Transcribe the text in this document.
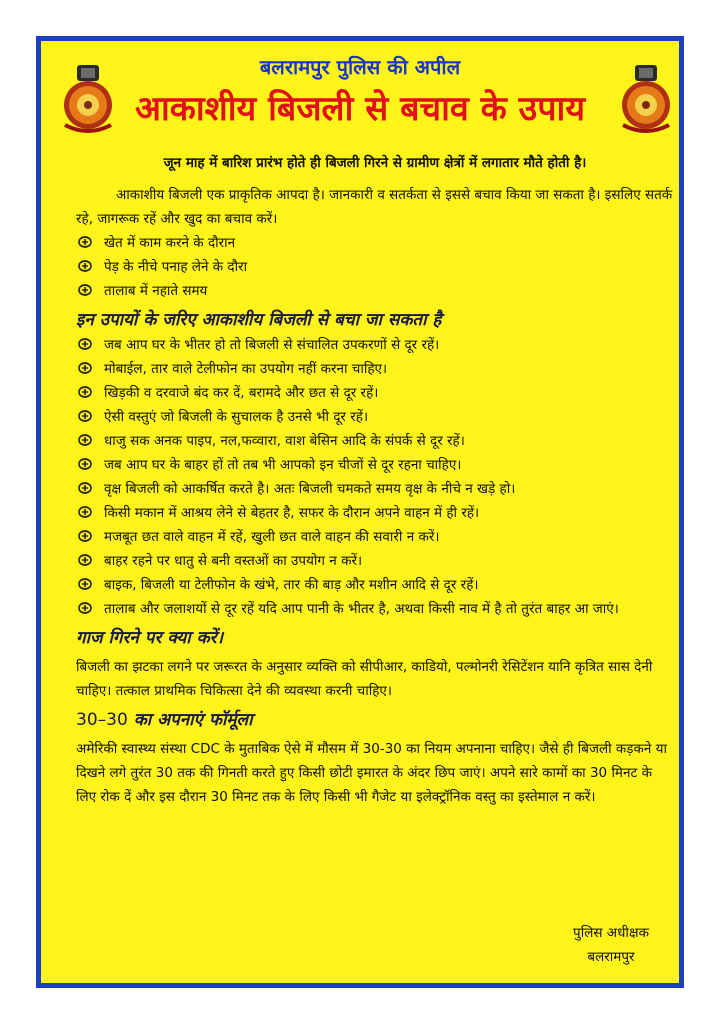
बलरामपुर पुलिस की अपील
आकाशीय बिजली से बचाव के उपाय

जून माह में बारिश प्रारंभ होते ही बिजली गिरने से ग्रामीण क्षेत्रों में लगातार मौते होती है।

आकाशीय बिजली एक प्राकृतिक आपदा है। जानकारी व सतर्कता से इससे बचाव किया जा सकता है। इसलिए सतर्क रहे, जागरूक रहें और खुद का बचाव करें।

खेत में काम करने के दौरान
पेड़ के नीचे पनाह लेने के दौरा
तालाब में नहाते समय
इन उपायों के जरिए आकाशीय बिजली से बचा जा सकता है
जब आप घर के भीतर हो तो बिजली से संचालित उपकरणों से दूर रहें।
मोबाईल, तार वाले टेलीफोन का उपयोग नहीं करना चाहिए।
खिड़की व दरवाजे बंद कर दें, बरामदे और छत से दूर रहें।
ऐसी वस्तुएं जो बिजली के सुचालक है उनसे भी दूर रहें।
धाजु सक अनक पाइप, नल,फव्वारा, वाश बेसिन आदि के संपर्क से दूर रहें।
जब आप घर के बाहर हों तो तब भी आपको इन चीजों से दूर रहना चाहिए।
वृक्ष बिजली को आकर्षित करते है। अतः बिजली चमकते समय वृक्ष के नीचे न खड़े हो।
किसी मकान में आश्रय लेने से बेहतर है, सफर के दौरान अपने वाहन में ही रहें।
मजबूत छत वाले वाहन में रहें, खुली छत वाले वाहन की सवारी न करें।
बाहर रहने पर धातु से बनी वस्तओं का उपयोग न करें।
बाइक, बिजली या टेलीफोन के खंभे, तार की बाड़ और मशीन आदि से दूर रहें।
तालाब और जलाशयों से दूर रहें यदि आप पानी के भीतर है, अथवा किसी नाव में है तो तुरंत बाहर आ जाएं।
गाज गिरने पर क्या करें।

बिजली का झटका लगने पर जरूरत के अनुसार व्यक्ति को सीपीआर, काडियो, पल्मोनरी रेसिटेंशन यानि कृत्रित सास देनी चाहिए। तत्काल प्राथमिक चिकित्सा देने की व्यवस्था करनी चाहिए।

30–30 का अपनाएं फॉर्मूला

अमेरिकी स्वास्थ्य संस्था CDC के मुताबिक ऐसे में मौसम में 30-30 का नियम अपनाना चाहिए। जैसे ही बिजली कड़कने या दिखने लगे तुरंत 30 तक की गिनती करते हुए किसी छोटी इमारत के अंदर छिप जाएं। अपने सारे कामों का 30 मिनट के लिए रोक दें और इस दौरान 30 मिनट तक के लिए किसी भी गैजेट या इलेक्ट्रॉनिक वस्तु का इस्तेमाल न करें।

पुलिस अधीक्षक
बलरामपुर
